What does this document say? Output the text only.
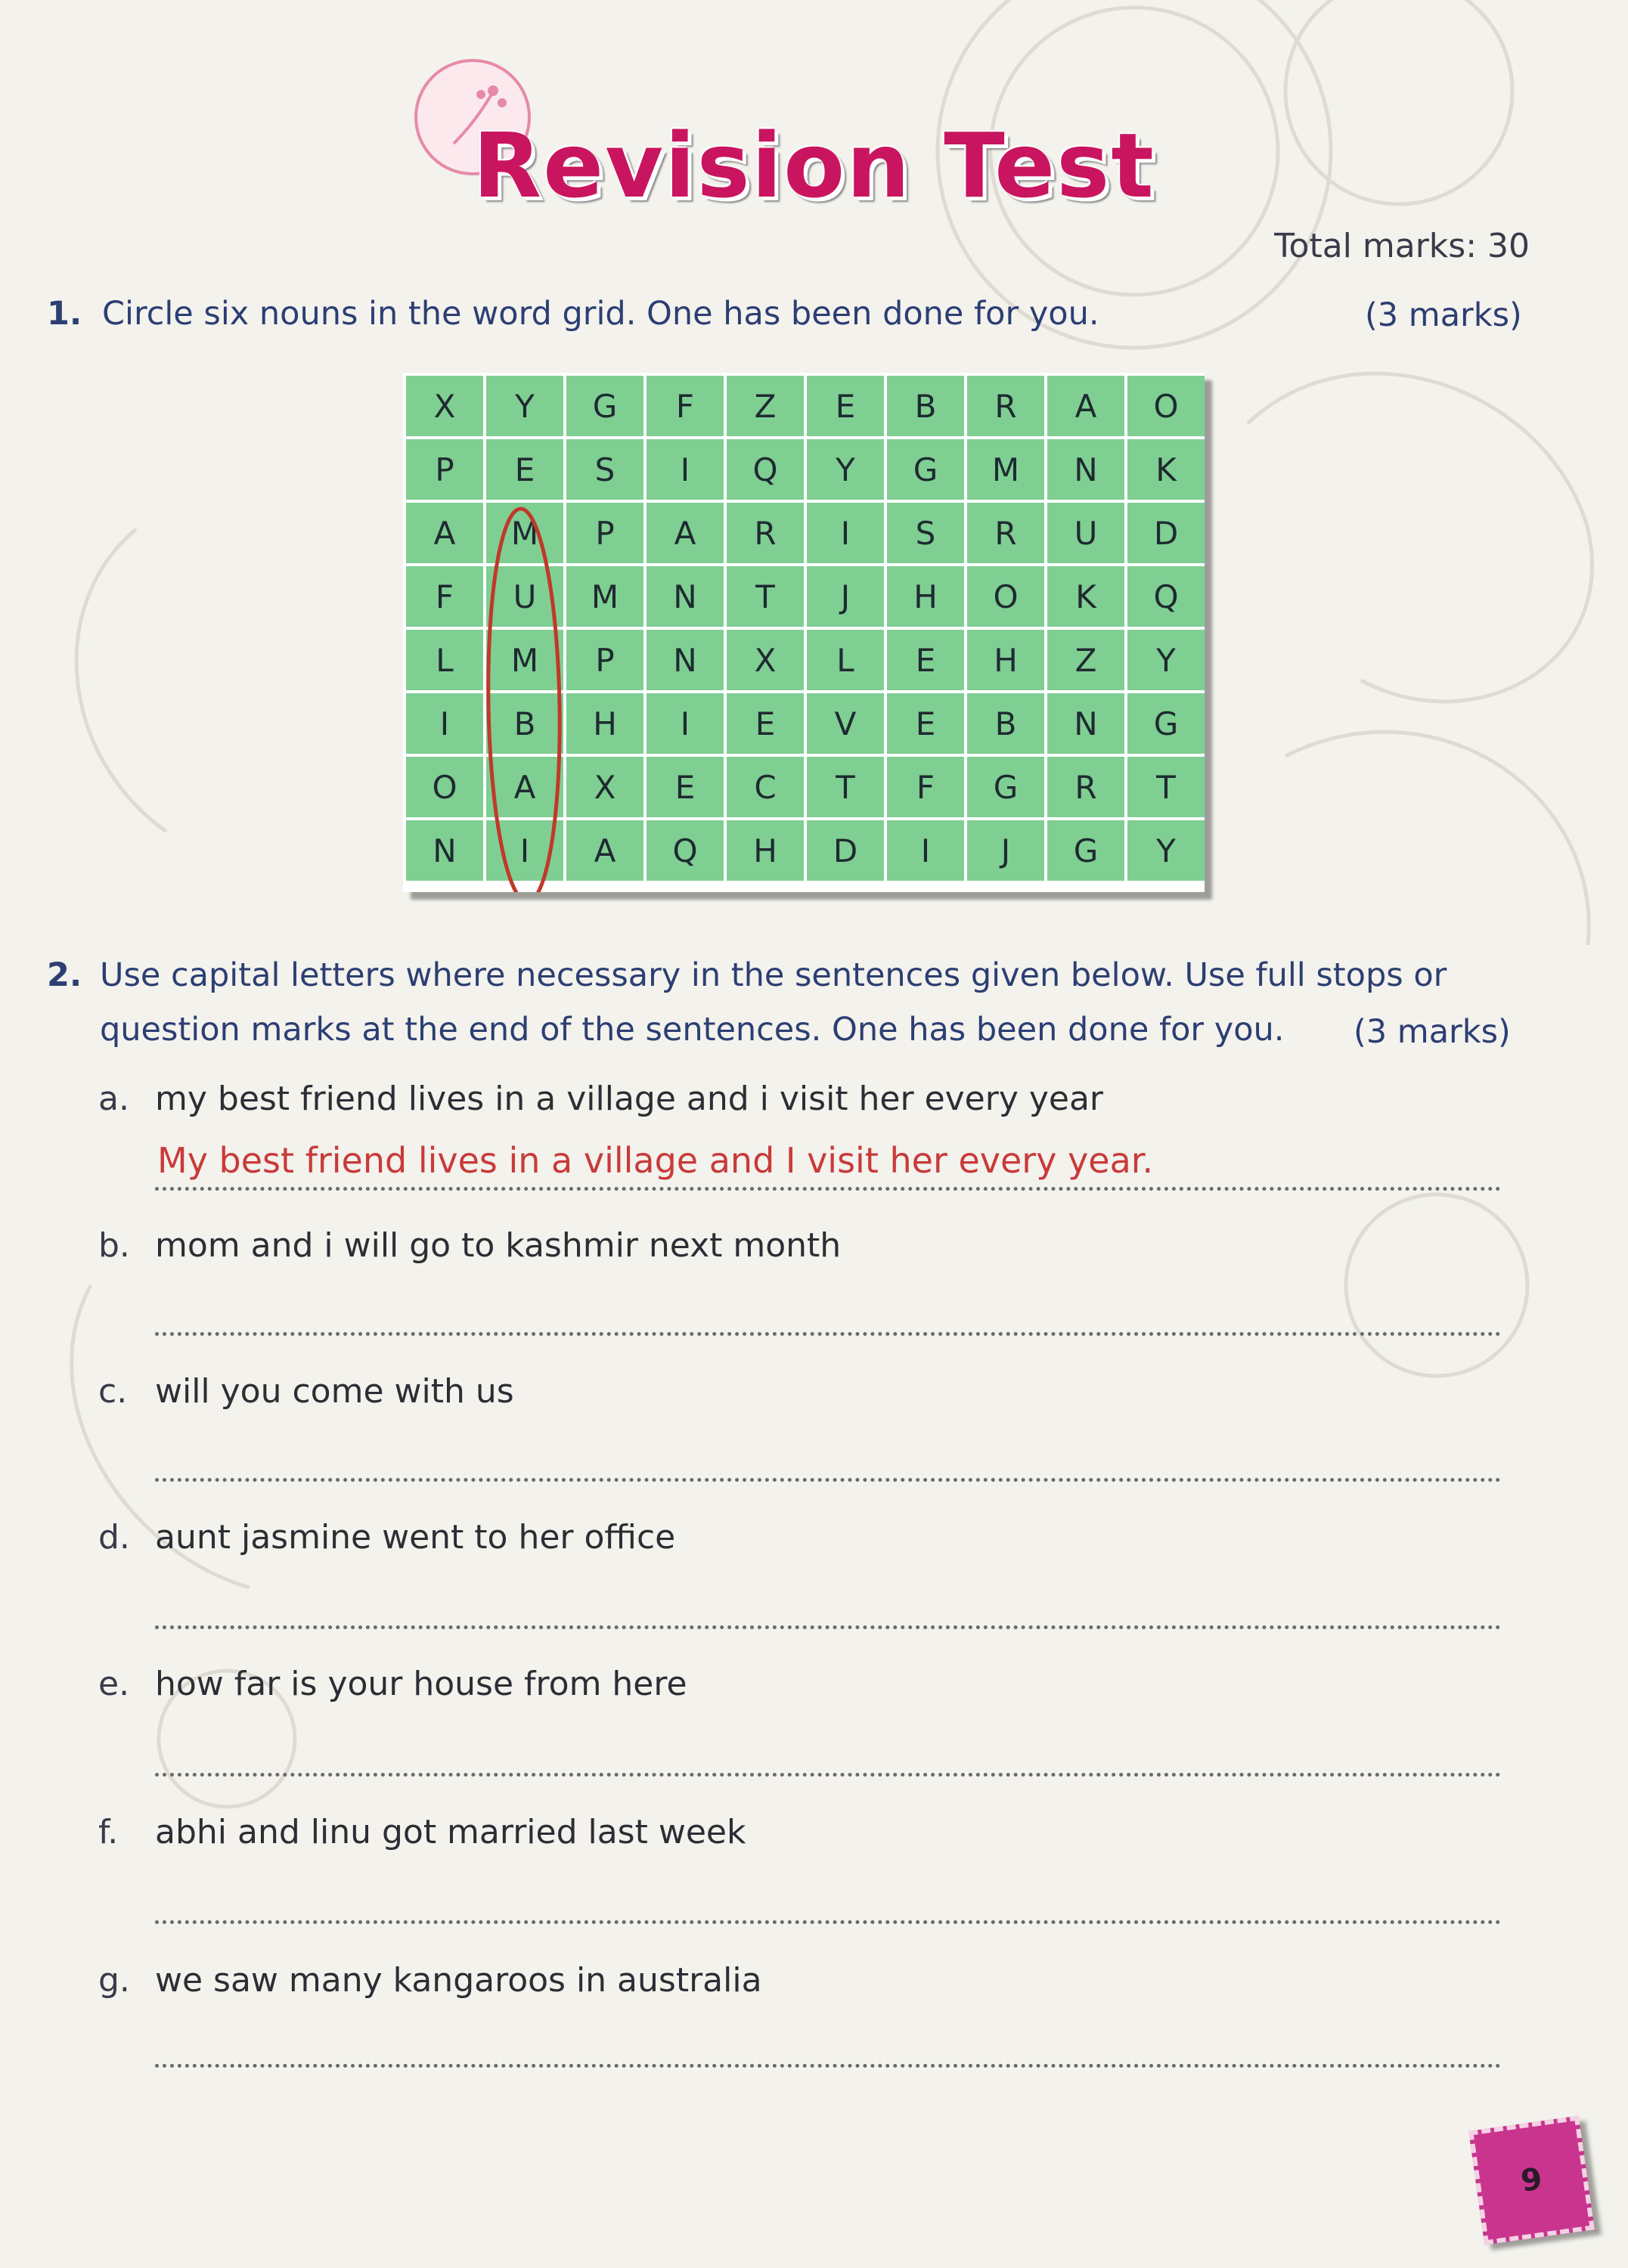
Revision Test
Total marks: 30
1. Circle six nouns in the word grid. One has been done for you.	(3 marks)
X	Y	G	F	Z	E	B	R	A	O
P	E	S	I	Q	Y	G	M	N	K
A	M	P	A	R	I	S	R	U	D
F	U	M	N	T	J	H	O	K	Q
L	M	P	N	X	L	E	H	Z	Y
I	B	H	I	E	V	E	B	N	G
O	A	X	E	C	T	F	G	R	T
N	I	A	Q	H	D	I	J	G	Y
2. Use capital letters where necessary in the sentences given below. Use full stops or
question marks at the end of the sentences. One has been done for you. (3 marks)
a. my best friend lives in a village and i visit her every year
My best friend lives in a village and I visit her every year.
b. mom and i will go to kashmir next month
c. will you come with us
d. aunt jasmine went to her office
e. how far is your house from here
f. abhi and linu got married last week
g. we saw many kangaroos in australia
9
